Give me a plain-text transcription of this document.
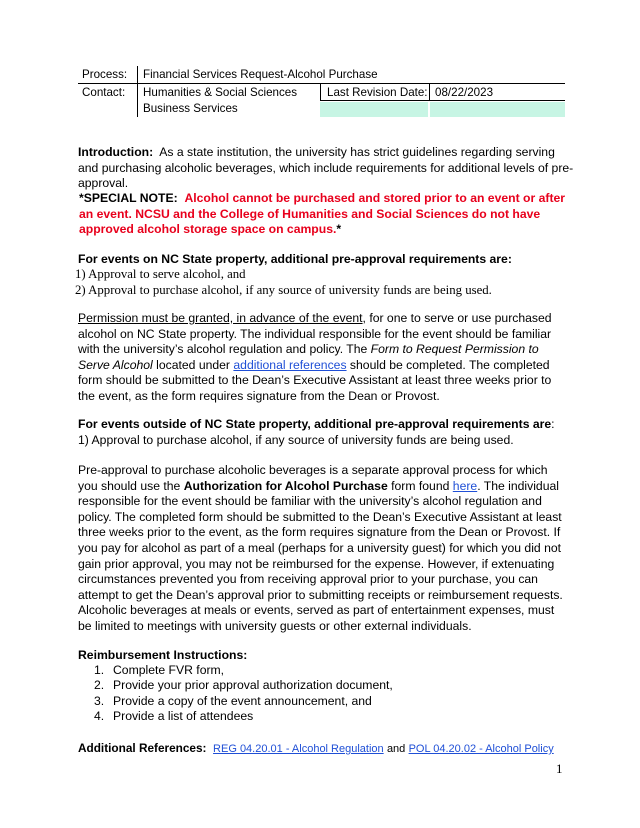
Process:	Financial Services Request-Alcohol Purchase
Contact:	Humanities & Social Sciences
Business Services
Last Revision Date: 08/22/2023
Introduction: As a state institution, the university has strict guidelines regarding serving and purchasing alcoholic beverages, which include requirements for additional levels of pre-approval.
*SPECIAL NOTE: Alcohol cannot be purchased and stored prior to an event or after an event. NCSU and the College of Humanities and Social Sciences do not have approved alcohol storage space on campus.*
For events on NC State property, additional pre-approval requirements are:
1) Approval to serve alcohol, and
2) Approval to purchase alcohol, if any source of university funds are being used.
Permission must be granted, in advance of the event, for one to serve or use purchased alcohol on NC State property. The individual responsible for the event should be familiar with the university’s alcohol regulation and policy. The Form to Request Permission to Serve Alcohol located under additional references should be completed. The completed form should be submitted to the Dean’s Executive Assistant at least three weeks prior to the event, as the form requires signature from the Dean or Provost.
For events outside of NC State property, additional pre-approval requirements are:
1) Approval to purchase alcohol, if any source of university funds are being used.
Pre-approval to purchase alcoholic beverages is a separate approval process for which you should use the Authorization for Alcohol Purchase form found here. The individual responsible for the event should be familiar with the university’s alcohol regulation and policy. The completed form should be submitted to the Dean’s Executive Assistant at least three weeks prior to the event, as the form requires signature from the Dean or Provost. If you pay for alcohol as part of a meal (perhaps for a university guest) for which you did not gain prior approval, you may not be reimbursed for the expense. However, if extenuating circumstances prevented you from receiving approval prior to your purchase, you can attempt to get the Dean’s approval prior to submitting receipts or reimbursement requests. Alcoholic beverages at meals or events, served as part of entertainment expenses, must be limited to meetings with university guests or other external individuals.
Reimbursement Instructions:
1. Complete FVR form,
2. Provide your prior approval authorization document,
3. Provide a copy of the event announcement, and
4. Provide a list of attendees
Additional References: REG 04.20.01 - Alcohol Regulation and POL 04.20.02 - Alcohol Policy
1
